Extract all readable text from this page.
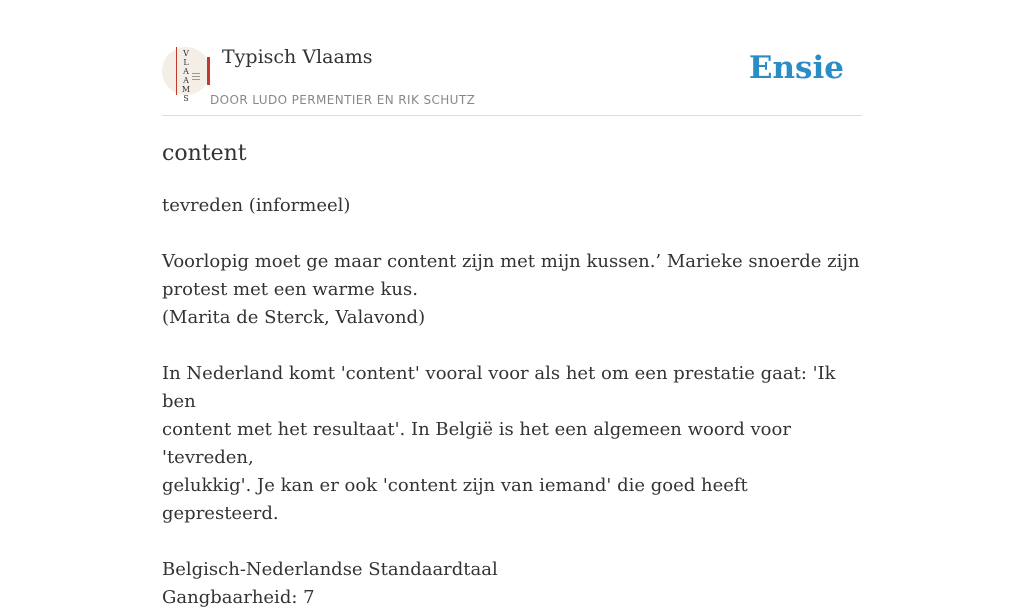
V
L
A
A
M
S
Typisch Vlaams
DOOR LUDO PERMENTIER EN RIK SCHUTZ
Ensie
content
tevreden (informeel)
Voorlopig moet ge maar content zijn met mijn kussen.’ Marieke snoerde zijn
protest met een warme kus.
(Marita de Sterck, Valavond)
In Nederland komt 'content' vooral voor als het om een prestatie gaat: 'Ik ben
content met het resultaat'. In België is het een algemeen woord voor 'tevreden,
gelukkig'. Je kan er ook 'content zijn van iemand' die goed heeft gepresteerd.
Belgisch-Nederlandse Standaardtaal
Gangbaarheid: 7
